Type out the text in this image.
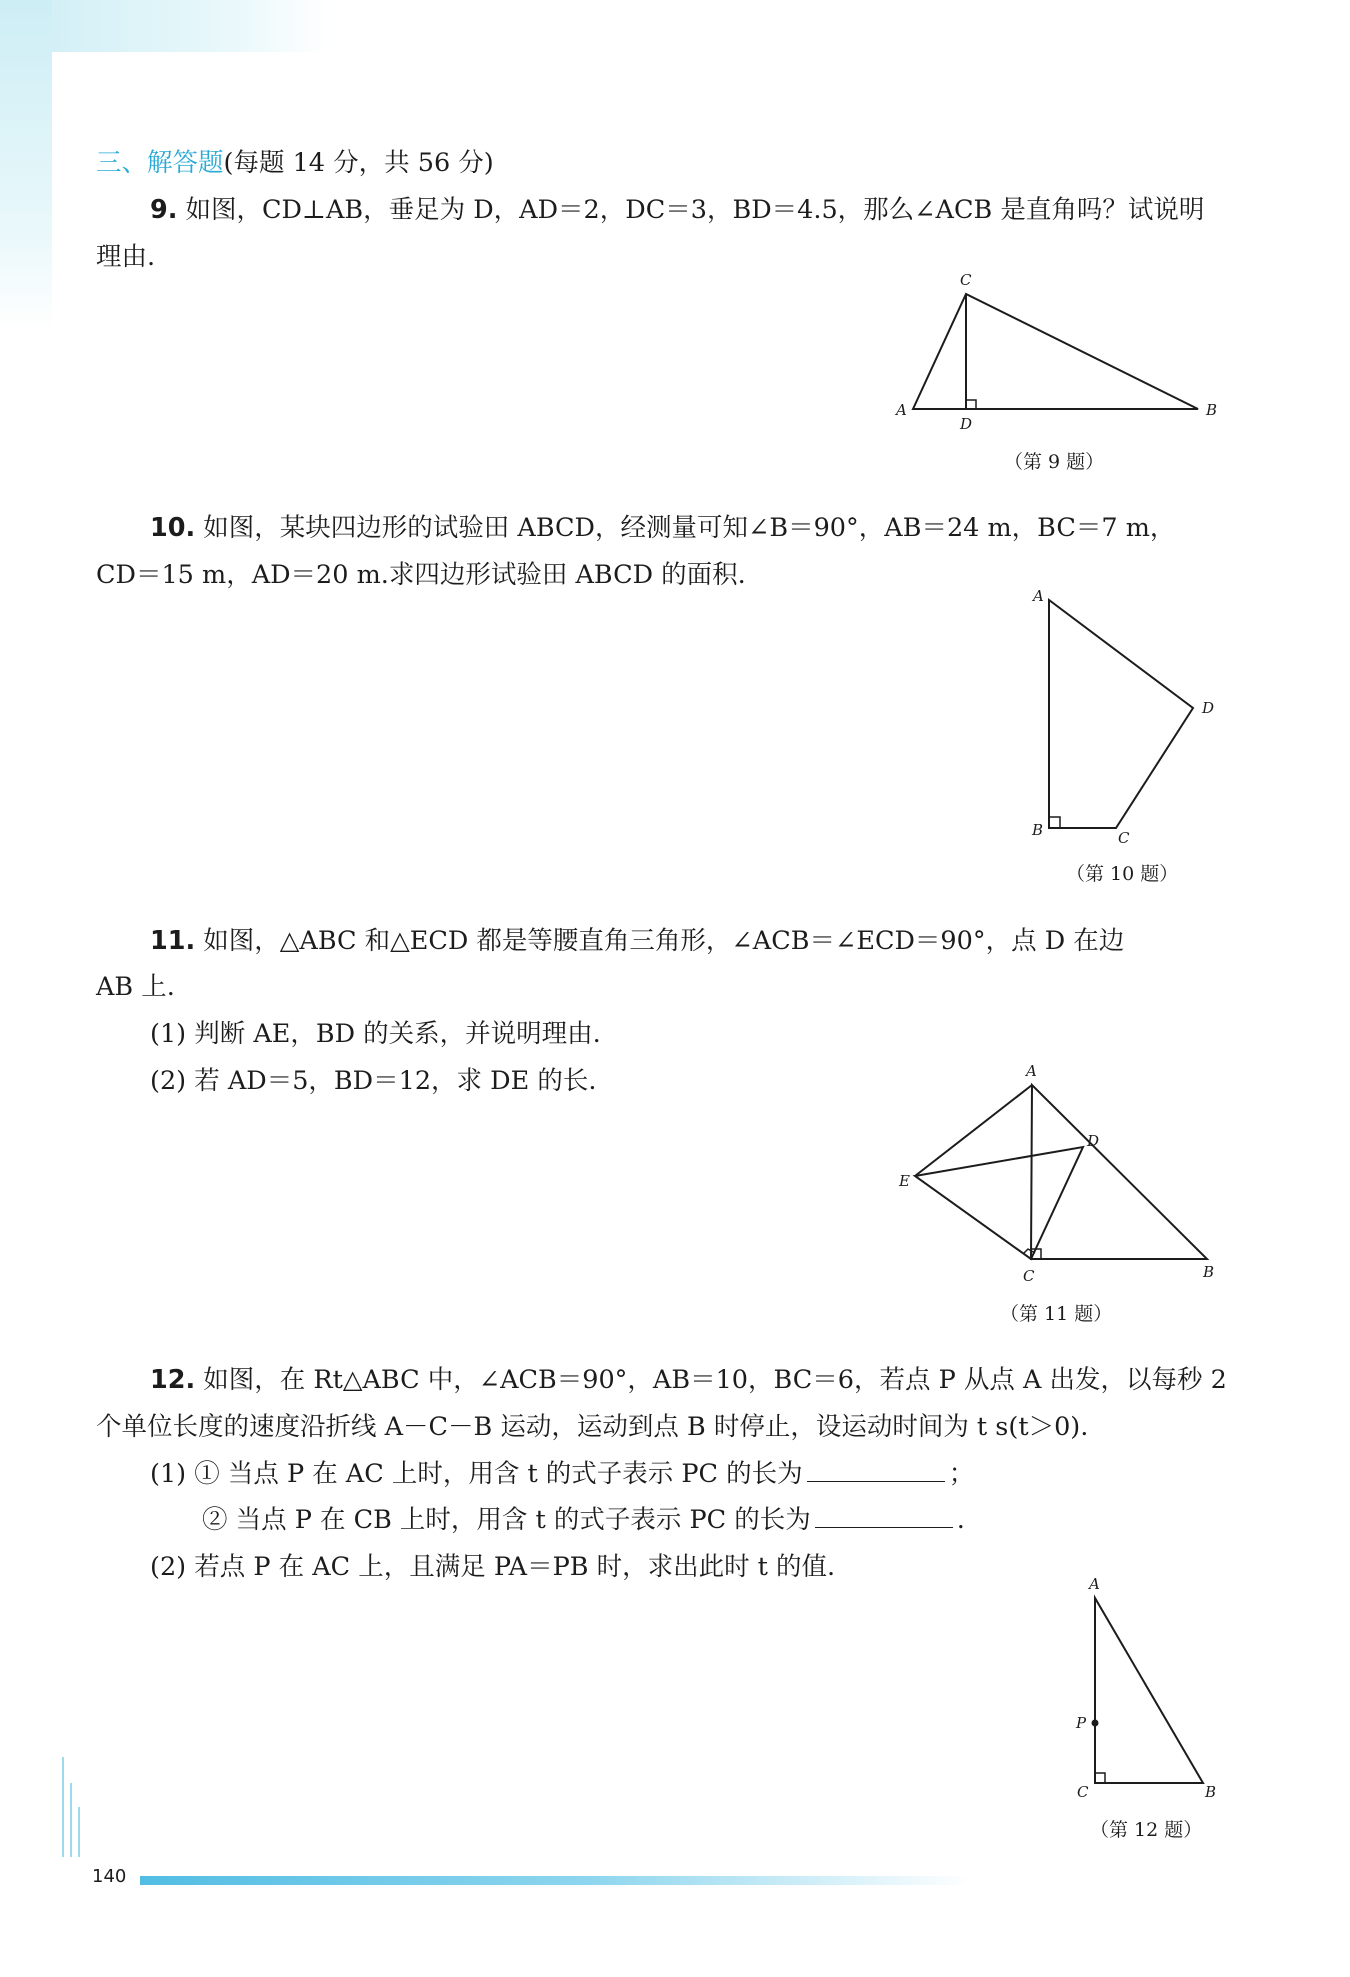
三、解答题(每题 14 分，共 56 分)
9. 如图，CD⊥AB，垂足为 D，AD＝2，DC＝3，BD＝4.5，那么∠ACB 是直角吗？试说明
理由.
A
C
B
D
（第 9 题）
10. 如图，某块四边形的试验田 ABCD，经测量可知∠B＝90°，AB＝24 m，BC＝7 m，
CD＝15 m，AD＝20 m.求四边形试验田 ABCD 的面积.
A
D
B	C
（第 10 题）
11. 如图，△ABC 和△ECD 都是等腰直角三角形，∠ACB＝∠ECD＝90°，点 D 在边
AB 上.
(1) 判断 AE，BD 的关系，并说明理由.
(2) 若 AD＝5，BD＝12，求 DE 的长.	A
E
D
C	B
（第 11 题）
12. 如图，在 Rt△ABC 中，∠ACB＝90°，AB＝10，BC＝6，若点 P 从点 A 出发，以每秒 2
个单位长度的速度沿折线 A－C－B 运动，运动到点 B 时停止，设运动时间为 t s(t＞0).
(1) ① 当点 P 在 AC 上时，用含 t 的式子表示 PC 的长为	；
② 当点 P 在 CB 上时，用含 t 的式子表示 PC 的长为	.
(2) 若点 P 在 AC 上，且满足 PA＝PB 时，求出此时 t 的值.
A
P
C	B
（第 12 题）
140
